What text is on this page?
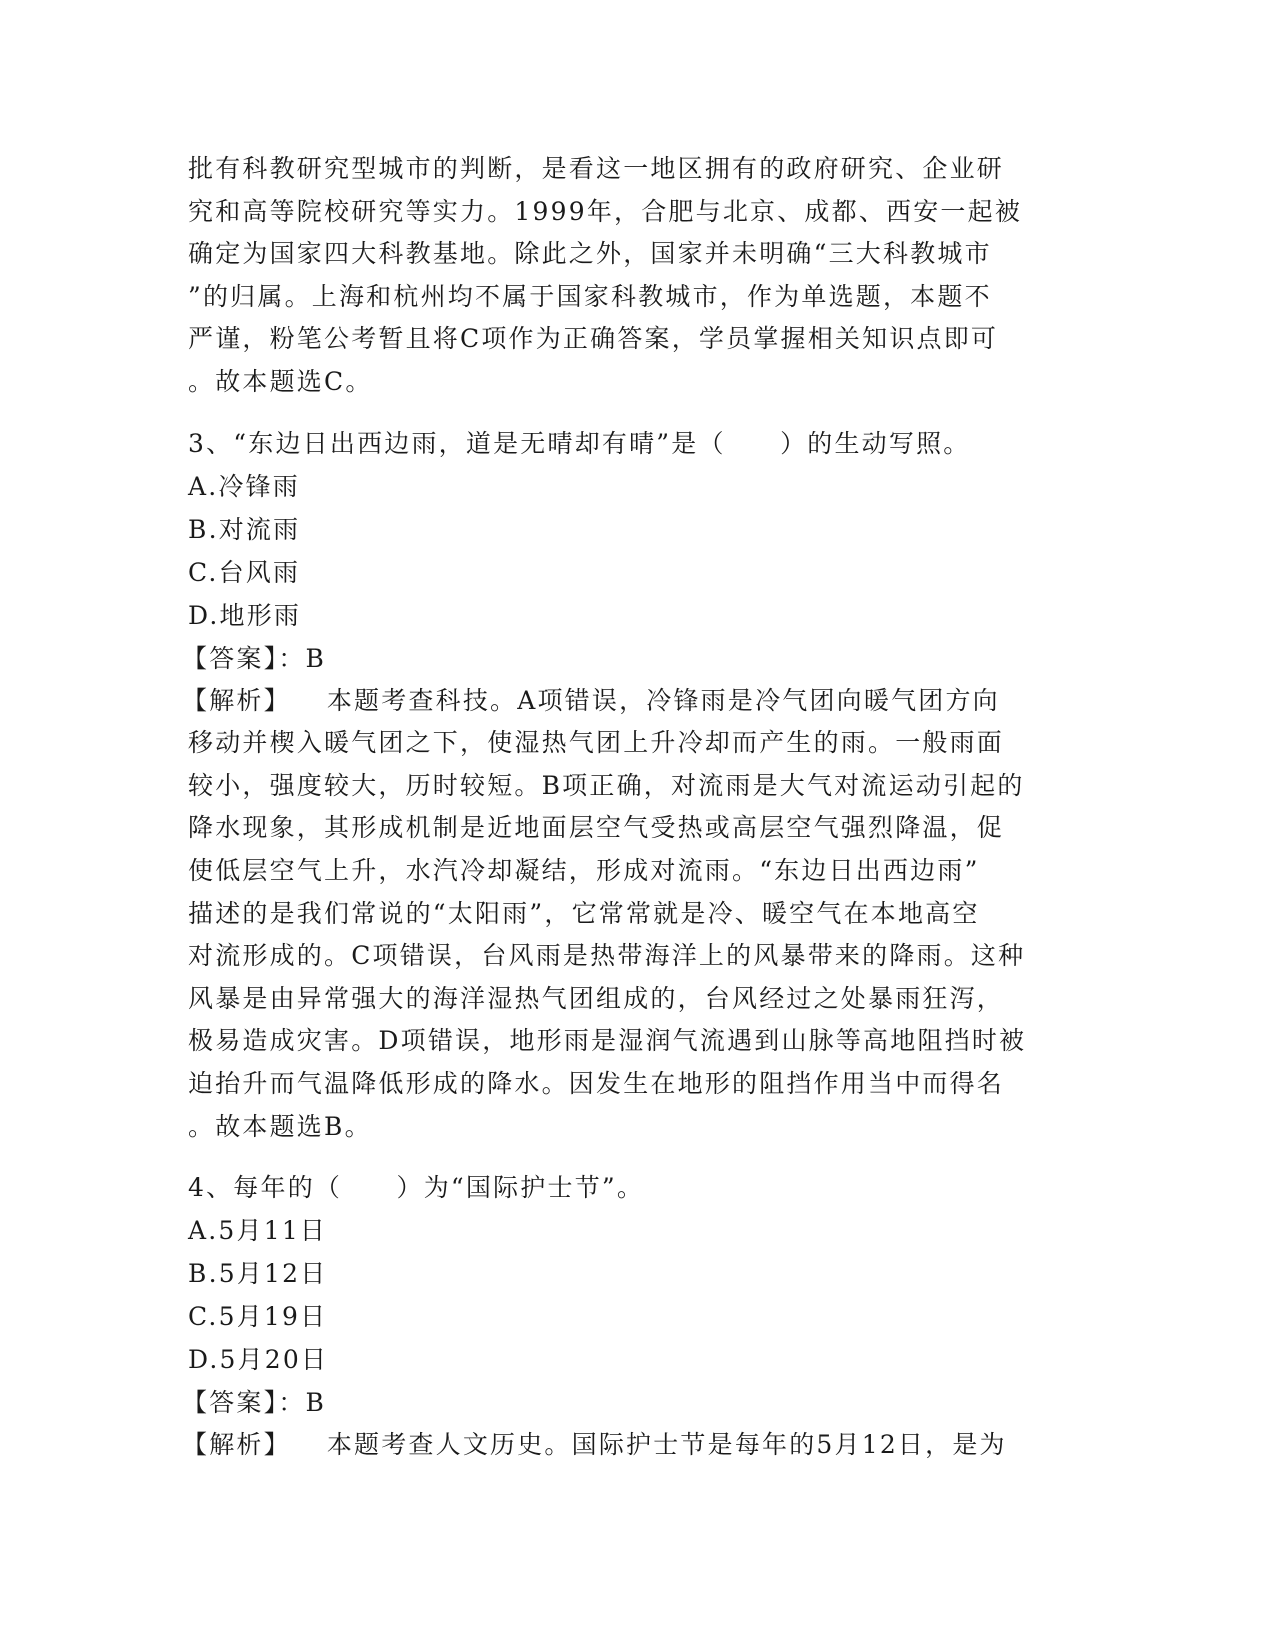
批有科教研究型城市的判断，是看这一地区拥有的政府研究、企业研
究和高等院校研究等实力。1999年，合肥与北京、成都、西安一起被
确定为国家四大科教基地。除此之外，国家并未明确“三大科教城市
”的归属。上海和杭州均不属于国家科教城市，作为单选题，本题不
严谨，粉笔公考暂且将C项作为正确答案，学员掌握相关知识点即可
。故本题选C。

3、“东边日出西边雨，道是无晴却有晴”是（　　）的生动写照。

A.冷锋雨

B.对流雨

C.台风雨

D.地形雨

【答案】：B

【解析】 本题考查科技。A项错误，冷锋雨是冷气团向暖气团方向
移动并楔入暖气团之下，使湿热气团上升冷却而产生的雨。一般雨面
较小，强度较大，历时较短。B项正确，对流雨是大气对流运动引起的
降水现象，其形成机制是近地面层空气受热或高层空气强烈降温，促
使低层空气上升，水汽冷却凝结，形成对流雨。“东边日出西边雨”
描述的是我们常说的“太阳雨”，它常常就是冷、暖空气在本地高空
对流形成的。C项错误，台风雨是热带海洋上的风暴带来的降雨。这种
风暴是由异常强大的海洋湿热气团组成的，台风经过之处暴雨狂泻，
极易造成灾害。D项错误，地形雨是湿润气流遇到山脉等高地阻挡时被
迫抬升而气温降低形成的降水。因发生在地形的阻挡作用当中而得名
。故本题选B。

4、每年的（　　）为“国际护士节”。

A.5月11日

B.5月12日

C.5月19日

D.5月20日

【答案】：B

【解析】 本题考查人文历史。国际护士节是每年的5月12日，是为
